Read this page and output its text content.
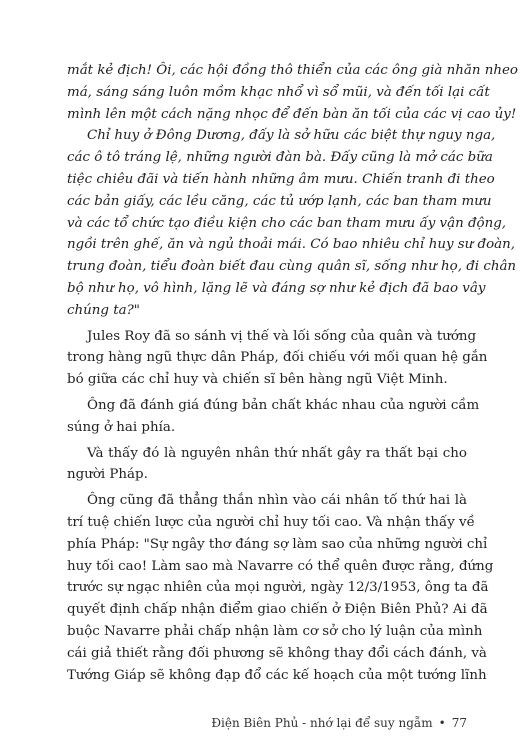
mắt kẻ địch! Ôi, các hội đồng thô thiển của các ông già nhăn nheo
má, sáng sáng luôn mồm khạc nhổ vì sổ mũi, và đến tối lại cất
mình lên một cách nặng nhọc để đến bàn ăn tối của các vị cao ủy!
Chỉ huy ở Đông Dương, đấy là sở hữu các biệt thự nguy nga,
các ô tô tráng lệ, những người đàn bà. Đấy cũng là mở các bữa
tiệc chiêu đãi và tiến hành những âm mưu. Chiến tranh đi theo
các bản giấy, các lều căng, các tủ ướp lạnh, các ban tham mưu
và các tổ chức tạo điều kiện cho các ban tham mưu ấy vận động,
ngồi trên ghế, ăn và ngủ thoải mái. Có bao nhiêu chỉ huy sư đoàn,
trung đoàn, tiểu đoàn biết đau cùng quân sĩ, sống như họ, đi chân
bộ như họ, vô hình, lặng lẽ và đáng sợ như kẻ địch đã bao vây
chúng ta?"
Jules Roy đã so sánh vị thế và lối sống của quân và tướng
trong hàng ngũ thực dân Pháp, đối chiếu với mối quan hệ gắn
bó giữa các chỉ huy và chiến sĩ bên hàng ngũ Việt Minh.
Ông đã đánh giá đúng bản chất khác nhau của người cầm
súng ở hai phía.
Và thấy đó là nguyên nhân thứ nhất gây ra thất bại cho
người Pháp.
Ông cũng đã thẳng thắn nhìn vào cái nhân tố thứ hai là
trí tuệ chiến lược của người chỉ huy tối cao. Và nhận thấy về
phía Pháp: "Sự ngây thơ đáng sợ làm sao của những người chỉ
huy tối cao! Làm sao mà Navarre có thể quên được rằng, đứng
trước sự ngạc nhiên của mọi người, ngày 12/3/1953, ông ta đã
quyết định chấp nhận điểm giao chiến ở Điện Biên Phủ? Ai đã
buộc Navarre phải chấp nhận làm cơ sở cho lý luận của mình
cái giả thiết rằng đối phương sẽ không thay đổi cách đánh, và
Tướng Giáp sẽ không đạp đổ các kế hoạch của một tướng lĩnh
Điện Biên Phủ - nhớ lại để suy ngẫm • 77
